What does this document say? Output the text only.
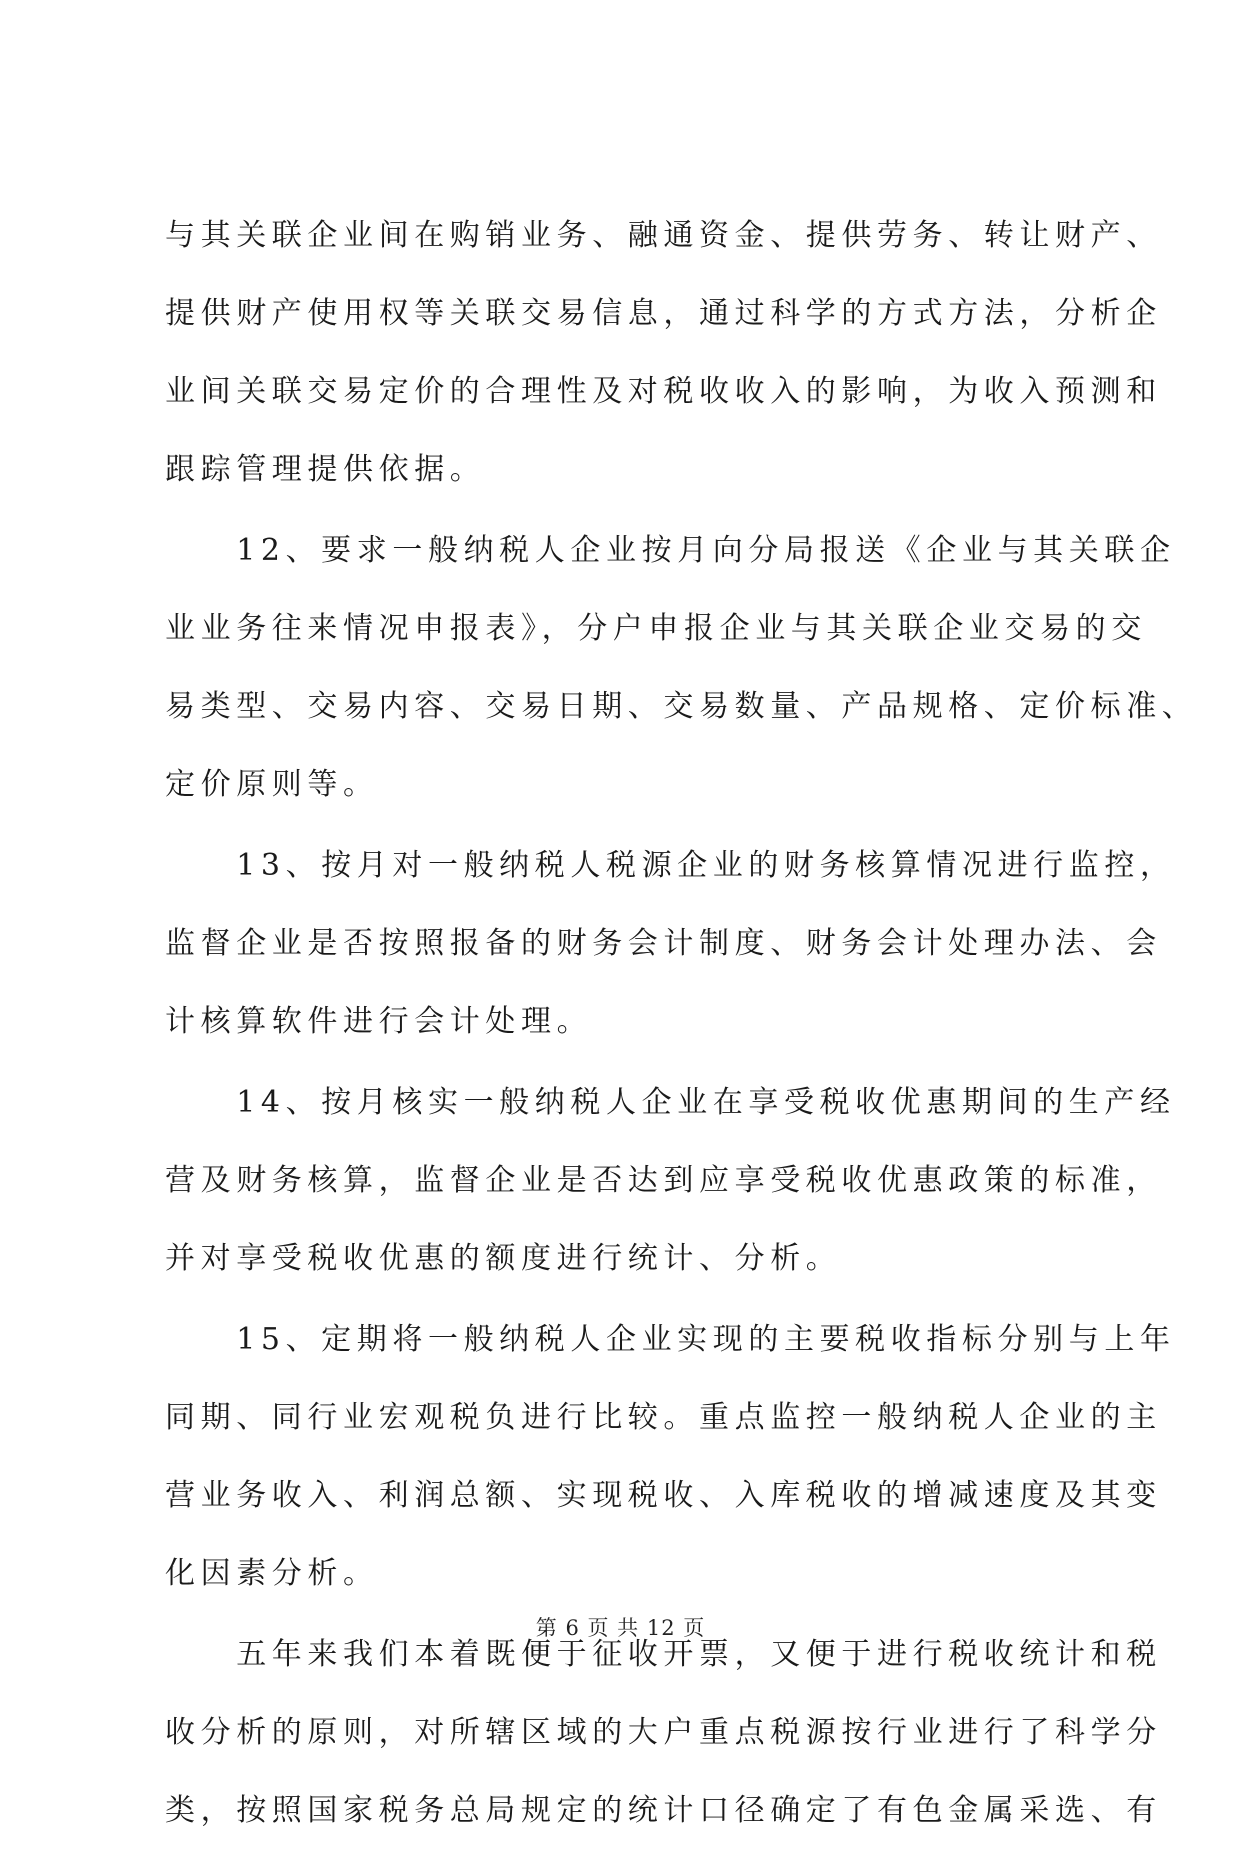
与其关联企业间在购销业务、融通资金、提供劳务、转让财产、
提供财产使用权等关联交易信息，通过科学的方式方法，分析企
业间关联交易定价的合理性及对税收收入的影响，为收入预测和
跟踪管理提供依据。
　　12、要求一般纳税人企业按月向分局报送《企业与其关联企
业业务往来情况申报表》，分户申报企业与其关联企业交易的交
易类型、交易内容、交易日期、交易数量、产品规格、定价标准、
定价原则等。
　　13、按月对一般纳税人税源企业的财务核算情况进行监控，
监督企业是否按照报备的财务会计制度、财务会计处理办法、会
计核算软件进行会计处理。
　　14、按月核实一般纳税人企业在享受税收优惠期间的生产经
营及财务核算，监督企业是否达到应享受税收优惠政策的标准，
并对享受税收优惠的额度进行统计、分析。
　　15、定期将一般纳税人企业实现的主要税收指标分别与上年
同期、同行业宏观税负进行比较。重点监控一般纳税人企业的主
营业务收入、利润总额、实现税收、入库税收的增减速度及其变
化因素分析。
　　五年来我们本着既便于征收开票，又便于进行税收统计和税
收分析的原则，对所辖区域的大户重点税源按行业进行了科学分
类，按照国家税务总局规定的统计口径确定了有色金属采选、有
第 6 页 共 12 页
